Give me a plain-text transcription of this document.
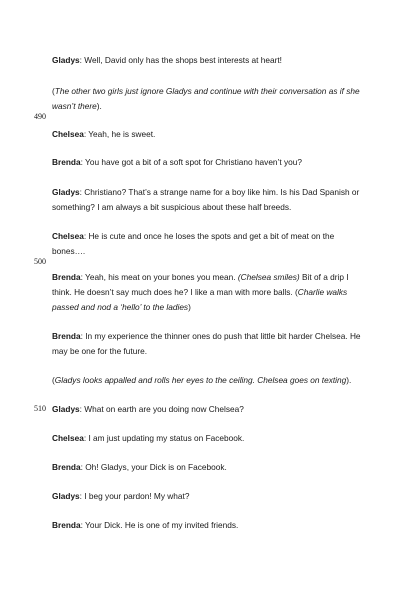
490
500
510

Gladys: Well, David only has the shops best interests at heart!

(The other two girls just ignore Gladys and continue with their conversation as if she wasn’t there).

Chelsea: Yeah, he is sweet.

Brenda: You have got a bit of a soft spot for Christiano haven’t you?

Gladys: Christiano? That’s a strange name for a boy like him. Is his Dad Spanish or something? I am always a bit suspicious about these half breeds.

Chelsea: He is cute and once he loses the spots and get a bit of meat on the bones….

Brenda: Yeah, his meat on your bones you mean. (Chelsea smiles) Bit of a drip I think. He doesn’t say much does he? I like a man with more balls. (Charlie walks passed and nod a ‘hello’ to the ladies)

Brenda: In my experience the thinner ones do push that little bit harder Chelsea. He may be one for the future.

(Gladys looks appalled and rolls her eyes to the ceiling. Chelsea goes on texting).

Gladys: What on earth are you doing now Chelsea?

Chelsea: I am just updating my status on Facebook.

Brenda: Oh! Gladys, your Dick is on Facebook.

Gladys: I beg your pardon! My what?

Brenda: Your Dick. He is one of my invited friends.
